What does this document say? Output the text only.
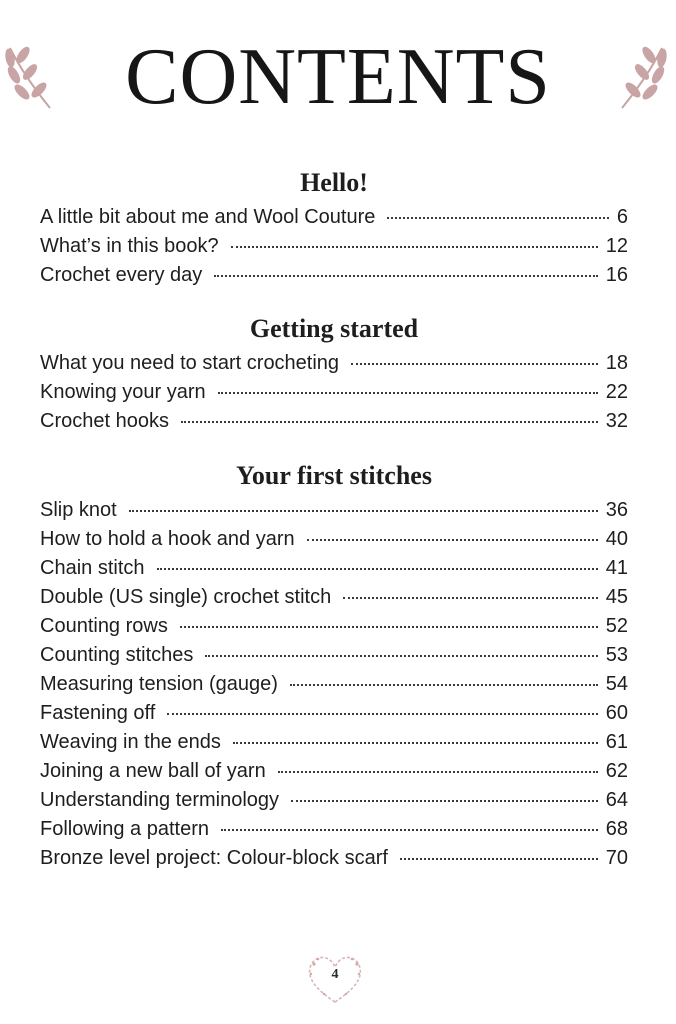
CONTENTS
Hello!
A little bit about me and Wool Couture	6
What’s in this book?	12
Crochet every day	16
Getting started
What you need to start crocheting	18
Knowing your yarn	22
Crochet hooks	32
Your first stitches
Slip knot	36
How to hold a hook and yarn	40
Chain stitch	41
Double (US single) crochet stitch	45
Counting rows	52
Counting stitches	53
Measuring tension (gauge)	54
Fastening off	60
Weaving in the ends	61
Joining a new ball of yarn	62
Understanding terminology	64
Following a pattern	68
Bronze level project: Colour-block scarf	70
4
